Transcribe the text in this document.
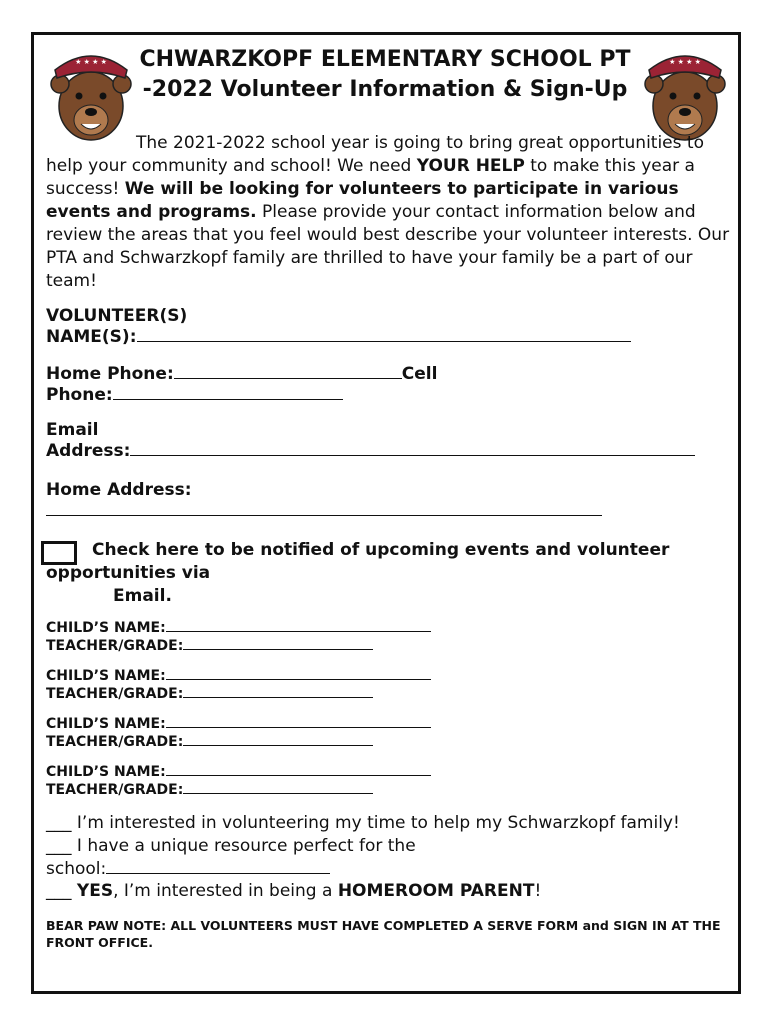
★ ★ ★ ★	★ ★ ★ ★
CHWARZKOPF ELEMENTARY SCHOOL PT
-2022 Volunteer Information & Sign-Up

The 2021-2022 school year is going to bring great opportunities to help your community and school! We need YOUR HELP to make this year a success! We will be looking for volunteers to participate in various events and programs. Please provide your contact information below and review the areas that you feel would best describe your volunteer interests. Our PTA and Schwarzkopf family are thrilled to have your family be a part of our team!

VOLUNTEER(S)
NAME(S):
Home Phone:	Cell
Phone:
Email
Address:
Home Address:
Check here to be notified of upcoming events and volunteer
opportunities via
Email.
CHILD’S NAME:
TEACHER/GRADE:
CHILD’S NAME:
TEACHER/GRADE:
CHILD’S NAME:
TEACHER/GRADE:
CHILD’S NAME:
TEACHER/GRADE:
___ I’m interested in volunteering my time to help my Schwarzkopf family!
___ I have a unique resource perfect for the
school:
___ YES, I’m interested in being a HOMEROOM PARENT!
BEAR PAW NOTE: ALL VOLUNTEERS MUST HAVE COMPLETED A SERVE FORM and SIGN IN AT THE FRONT OFFICE.
